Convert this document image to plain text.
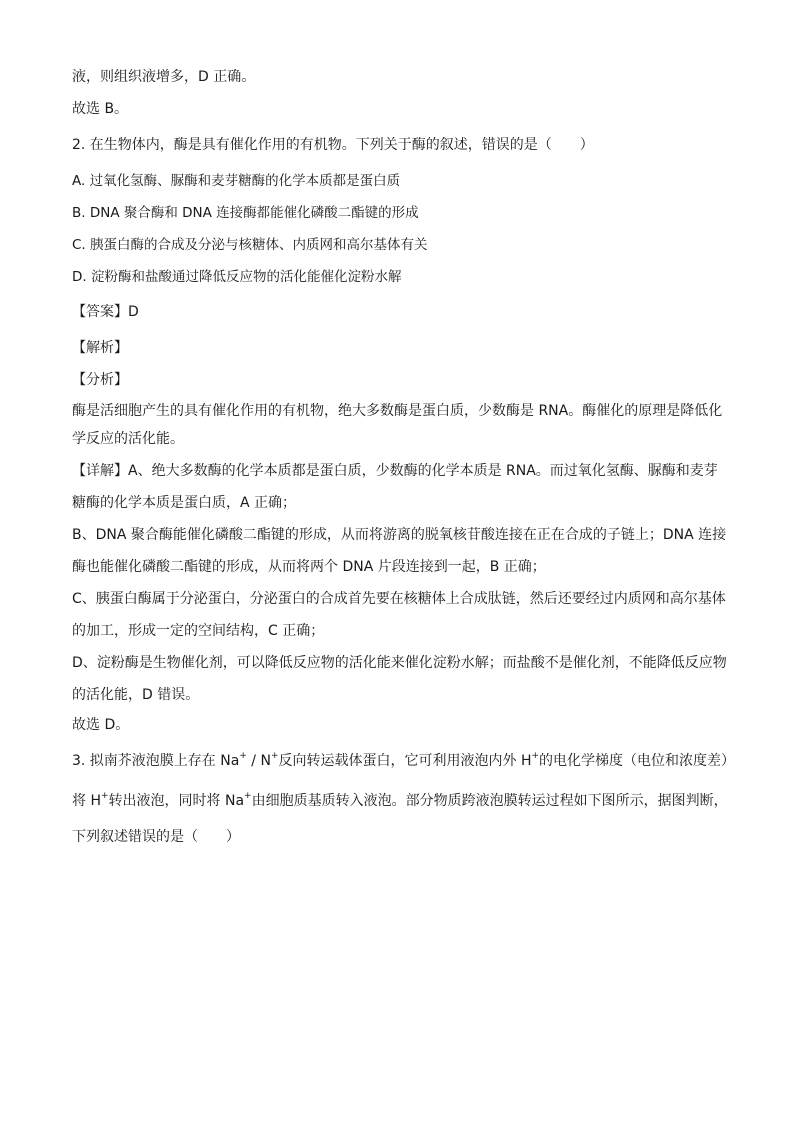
液，则组织液增多，D 正确。
故选 B。
2. 在生物体内，酶是具有催化作用的有机物。下列关于酶的叙述，错误的是（　　）
A. 过氧化氢酶、脲酶和麦芽糖酶的化学本质都是蛋白质
B. DNA 聚合酶和 DNA 连接酶都能催化磷酸二酯键的形成
C. 胰蛋白酶的合成及分泌与核糖体、内质网和高尔基体有关
D. 淀粉酶和盐酸通过降低反应物的活化能催化淀粉水解
【答案】D
【解析】
【分析】
酶是活细胞产生的具有催化作用的有机物，绝大多数酶是蛋白质，少数酶是 RNA。酶催化的原理是降低化
学反应的活化能。
【详解】A、绝大多数酶的化学本质都是蛋白质，少数酶的化学本质是 RNA。而过氧化氢酶、脲酶和麦芽
糖酶的化学本质是蛋白质，A 正确；
B、DNA 聚合酶能催化磷酸二酯键的形成，从而将游离的脱氧核苷酸连接在正在合成的子链上；DNA 连接
酶也能催化磷酸二酯键的形成，从而将两个 DNA 片段连接到一起，B 正确；
C、胰蛋白酶属于分泌蛋白，分泌蛋白的合成首先要在核糖体上合成肽链，然后还要经过内质网和高尔基体
的加工，形成一定的空间结构，C 正确；
D、淀粉酶是生物催化剂，可以降低反应物的活化能来催化淀粉水解；而盐酸不是催化剂，不能降低反应物
的活化能，D 错误。
故选 D。
3. 拟南芥液泡膜上存在 Na+ / N+反向转运载体蛋白，它可利用液泡内外 H+的电化学梯度（电位和浓度差）
将 H+转出液泡，同时将 Na+由细胞质基质转入液泡。部分物质跨液泡膜转运过程如下图所示，据图判断，
下列叙述错误的是（　　）
